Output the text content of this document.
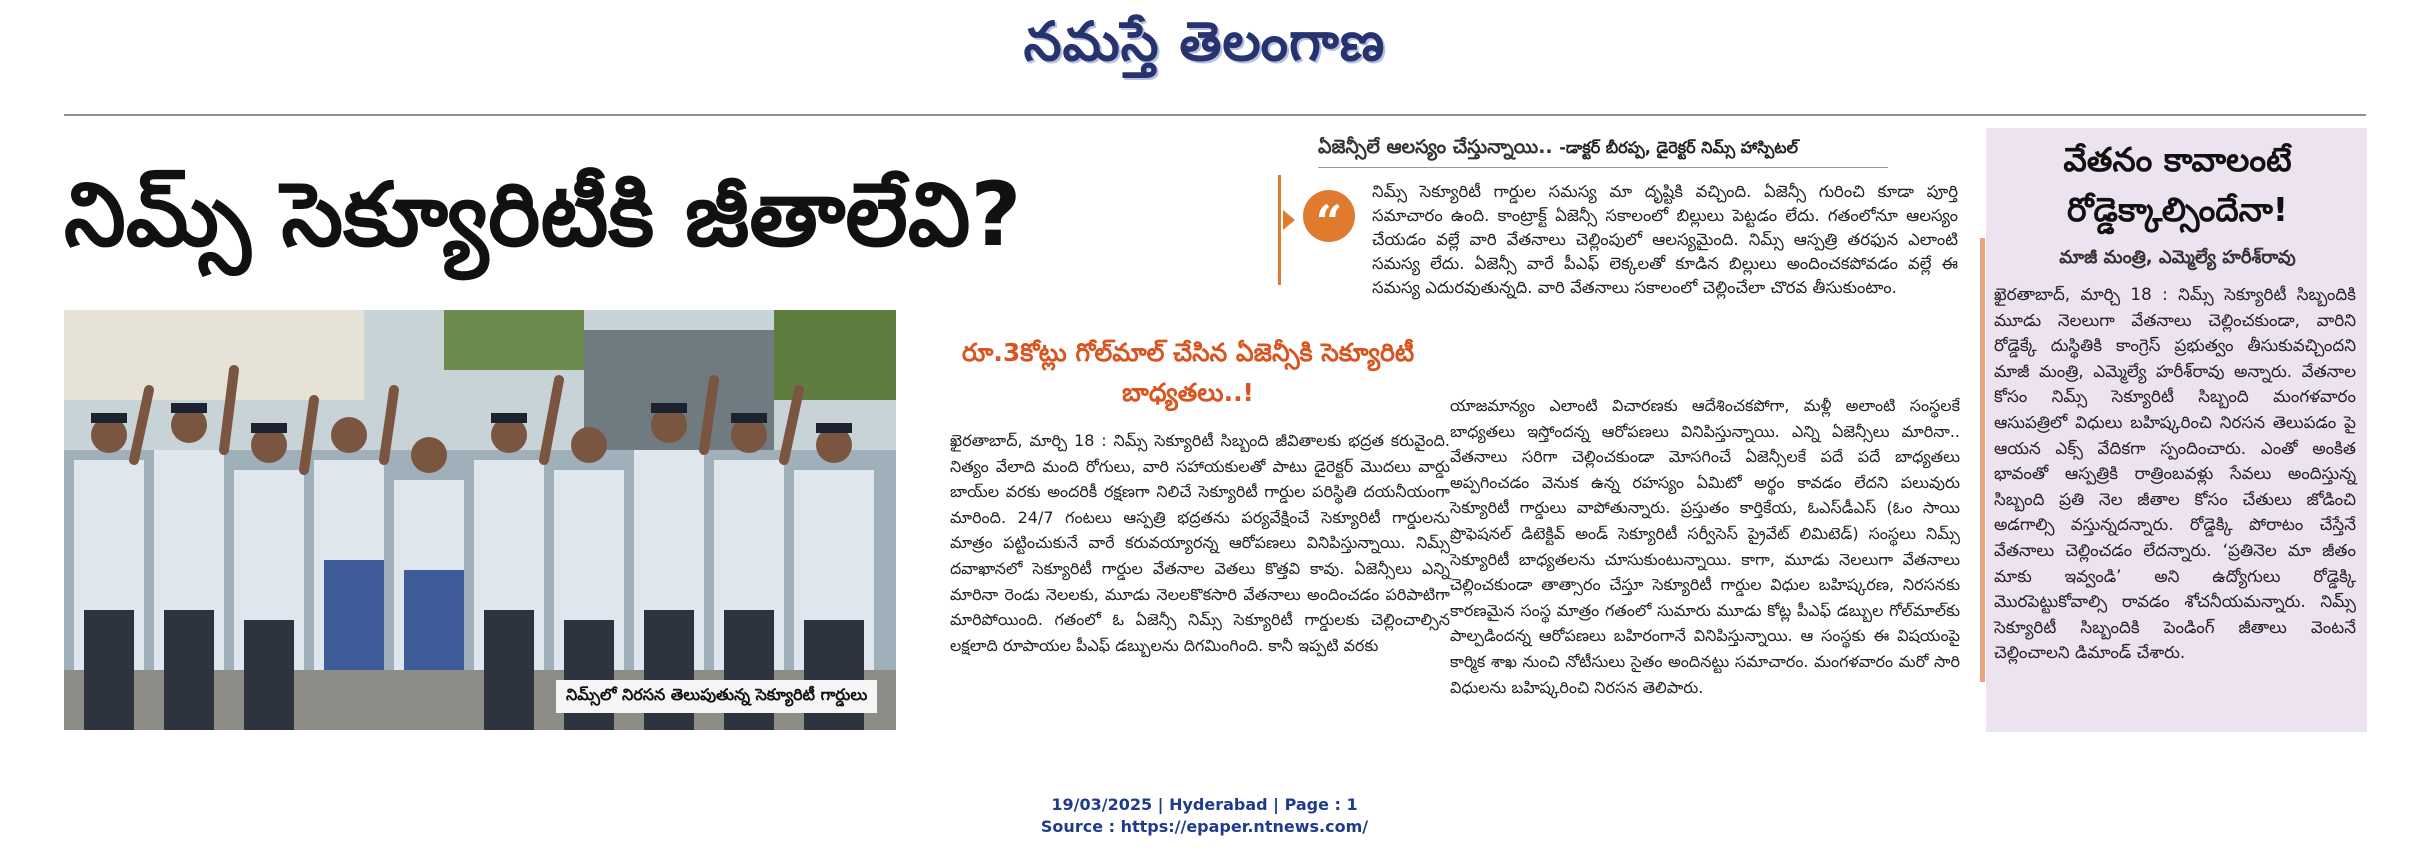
నమస్తే తెలంగాణ
నిమ్స్ సెక్యూరిటీకి జీతాలేవి?
ఏజెన్సీలే ఆలస్యం చేస్తున్నాయి.. -డాక్టర్ బీరప్ప, డైరెక్టర్ నిమ్స్ హాస్పిటల్
“
నిమ్స్ సెక్యూరిటీ గార్డుల సమస్య మా దృష్టికి వచ్చింది. ఏజెన్సీ గురించి కూడా పూర్తి సమాచారం ఉంది. కాంట్రాక్ట్ ఏజెన్సీ సకాలంలో బిల్లులు పెట్టడం లేదు. గతంలోనూ ఆలస్యం చేయడం వల్లే వారి వేతనాలు చెల్లింపులో ఆలస్యమైంది. నిమ్స్ ఆస్పత్రి తరఫున ఎలాంటి సమస్య లేదు. ఏజెన్సీ వారే పీఎఫ్ లెక్కలతో కూడిన బిల్లులు అందించకపోవడం వల్లే ఈ సమస్య ఎదురవుతున్నది. వారి వేతనాలు సకాలంలో చెల్లించేలా చొరవ తీసుకుంటాం.
నిమ్స్‌లో నిరసన తెలుపుతున్న సెక్యూరిటీ గార్డులు
రూ.3కోట్లు గోల్‌మాల్ చేసిన ఏజెన్సీకి సెక్యూరిటీ బాధ్యతలు..!
ఖైరతాబాద్, మార్చి 18 : నిమ్స్ సెక్యూరిటీ సిబ్బంది జీవితాలకు భద్రత కరువైంది. నిత్యం వేలాది మంది రోగులు, వారి సహాయకులతో పాటు డైరెక్టర్ మొదలు వార్డు బాయ్‌ల వరకు అందరికీ రక్షణగా నిలిచే సెక్యూరిటీ గార్డుల పరిస్థితి దయనీయంగా మారింది. 24/7 గంటలు ఆస్పత్రి భద్రతను పర్యవేక్షించే సెక్యూరిటీ గార్డులను మాత్రం పట్టించుకునే వారే కరువయ్యారన్న ఆరోపణలు వినిపిస్తున్నాయి. నిమ్స్ దవాఖానలో సెక్యూరిటీ గార్డుల వేతనాల వెతలు కొత్తవి కావు. ఏజెన్సీలు ఎన్ని మారినా రెండు నెలలకు, మూడు నెలలకొకసారి వేతనాలు అందించడం పరిపాటిగా మారిపోయింది. గతంలో ఓ ఏజెన్సీ నిమ్స్ సెక్యూరిటీ గార్డులకు చెల్లించాల్సిన లక్షలాది రూపాయల పీఎఫ్ డబ్బులను దిగమింగింది. కానీ ఇప్పటి వరకు
యాజమాన్యం ఎలాంటి విచారణకు ఆదేశించకపోగా, మళ్లీ అలాంటి సంస్థలకే బాధ్యతలు ఇస్తోందన్న ఆరోపణలు వినిపిస్తున్నాయి. ఎన్ని ఏజెన్సీలు మారినా.. వేతనాలు సరిగా చెల్లించకుండా మోసగించే ఏజెన్సీలకే పదే పదే బాధ్యతలు అప్పగించడం వెనుక ఉన్న రహస్యం ఏమిటో అర్థం కావడం లేదని పలువురు సెక్యూరిటీ గార్డులు వాపోతున్నారు. ప్రస్తుతం కార్తికేయ, ఓఎస్‌డీఎస్ (ఓం సాయి ప్రొఫెషనల్ డిటెక్టివ్ అండ్ సెక్యూరిటీ సర్వీసెస్ ప్రైవేట్ లిమిటెడ్) సంస్థలు నిమ్స్ సెక్యూరిటీ బాధ్యతలను చూసుకుంటున్నాయి. కాగా, మూడు నెలలుగా వేతనాలు చెల్లించకుండా తాత్సారం చేస్తూ సెక్యూరిటీ గార్డుల విధుల బహిష్కరణ, నిరసనకు కారణమైన సంస్థ మాత్రం గతంలో సుమారు మూడు కోట్ల పీఎఫ్ డబ్బుల గోల్‌మాల్‌కు పాల్పడిందన్న ఆరోపణలు బహిరంగానే వినిపిస్తున్నాయి. ఆ సంస్థకు ఈ విషయంపై కార్మిక శాఖ నుంచి నోటీసులు సైతం అందినట్టు సమాచారం. మంగళవారం మరో సారి విధులను బహిష్కరించి నిరసన తెలిపారు.
వేతనం కావాలంటే
రోడ్డెక్కాల్సిందేనా!
మాజీ మంత్రి, ఎమ్మెల్యే హరీశ్‌రావు
ఖైరతాబాద్, మార్చి 18 : నిమ్స్ సెక్యూరిటీ సిబ్బందికి మూడు నెలలుగా వేతనాలు చెల్లించకుండా, వారిని రోడ్డెక్కే దుస్థితికి కాంగ్రెస్ ప్రభుత్వం తీసుకువచ్చిందని మాజీ మంత్రి, ఎమ్మెల్యే హరీశ్‌రావు అన్నారు. వేతనాల కోసం నిమ్స్ సెక్యూరిటీ సిబ్బంది మంగళవారం ఆసుపత్రిలో విధులు బహిష్కరించి నిరసన తెలుపడం పై ఆయన ఎక్స్ వేదికగా స్పందించారు. ఎంతో అంకిత భావంతో ఆస్పత్రికి రాత్రింబవళ్లు సేవలు అందిస్తున్న సిబ్బంది ప్రతి నెల జీతాల కోసం చేతులు జోడించి అడగాల్సి వస్తున్నదన్నారు. రోడ్డెక్కి పోరాటం చేస్తేనే వేతనాలు చెల్లించడం లేదన్నారు. ‘ప్రతినెల మా జీతం మాకు ఇవ్వండి’ అని ఉద్యోగులు రోడ్డెక్కి మొరపెట్టుకోవాల్సి రావడం శోచనీయమన్నారు. నిమ్స్ సెక్యూరిటీ సిబ్బందికి పెండింగ్ జీతాలు వెంటనే చెల్లించాలని డిమాండ్ చేశారు.
19/03/2025 | Hyderabad | Page : 1
Source : https://epaper.ntnews.com/
